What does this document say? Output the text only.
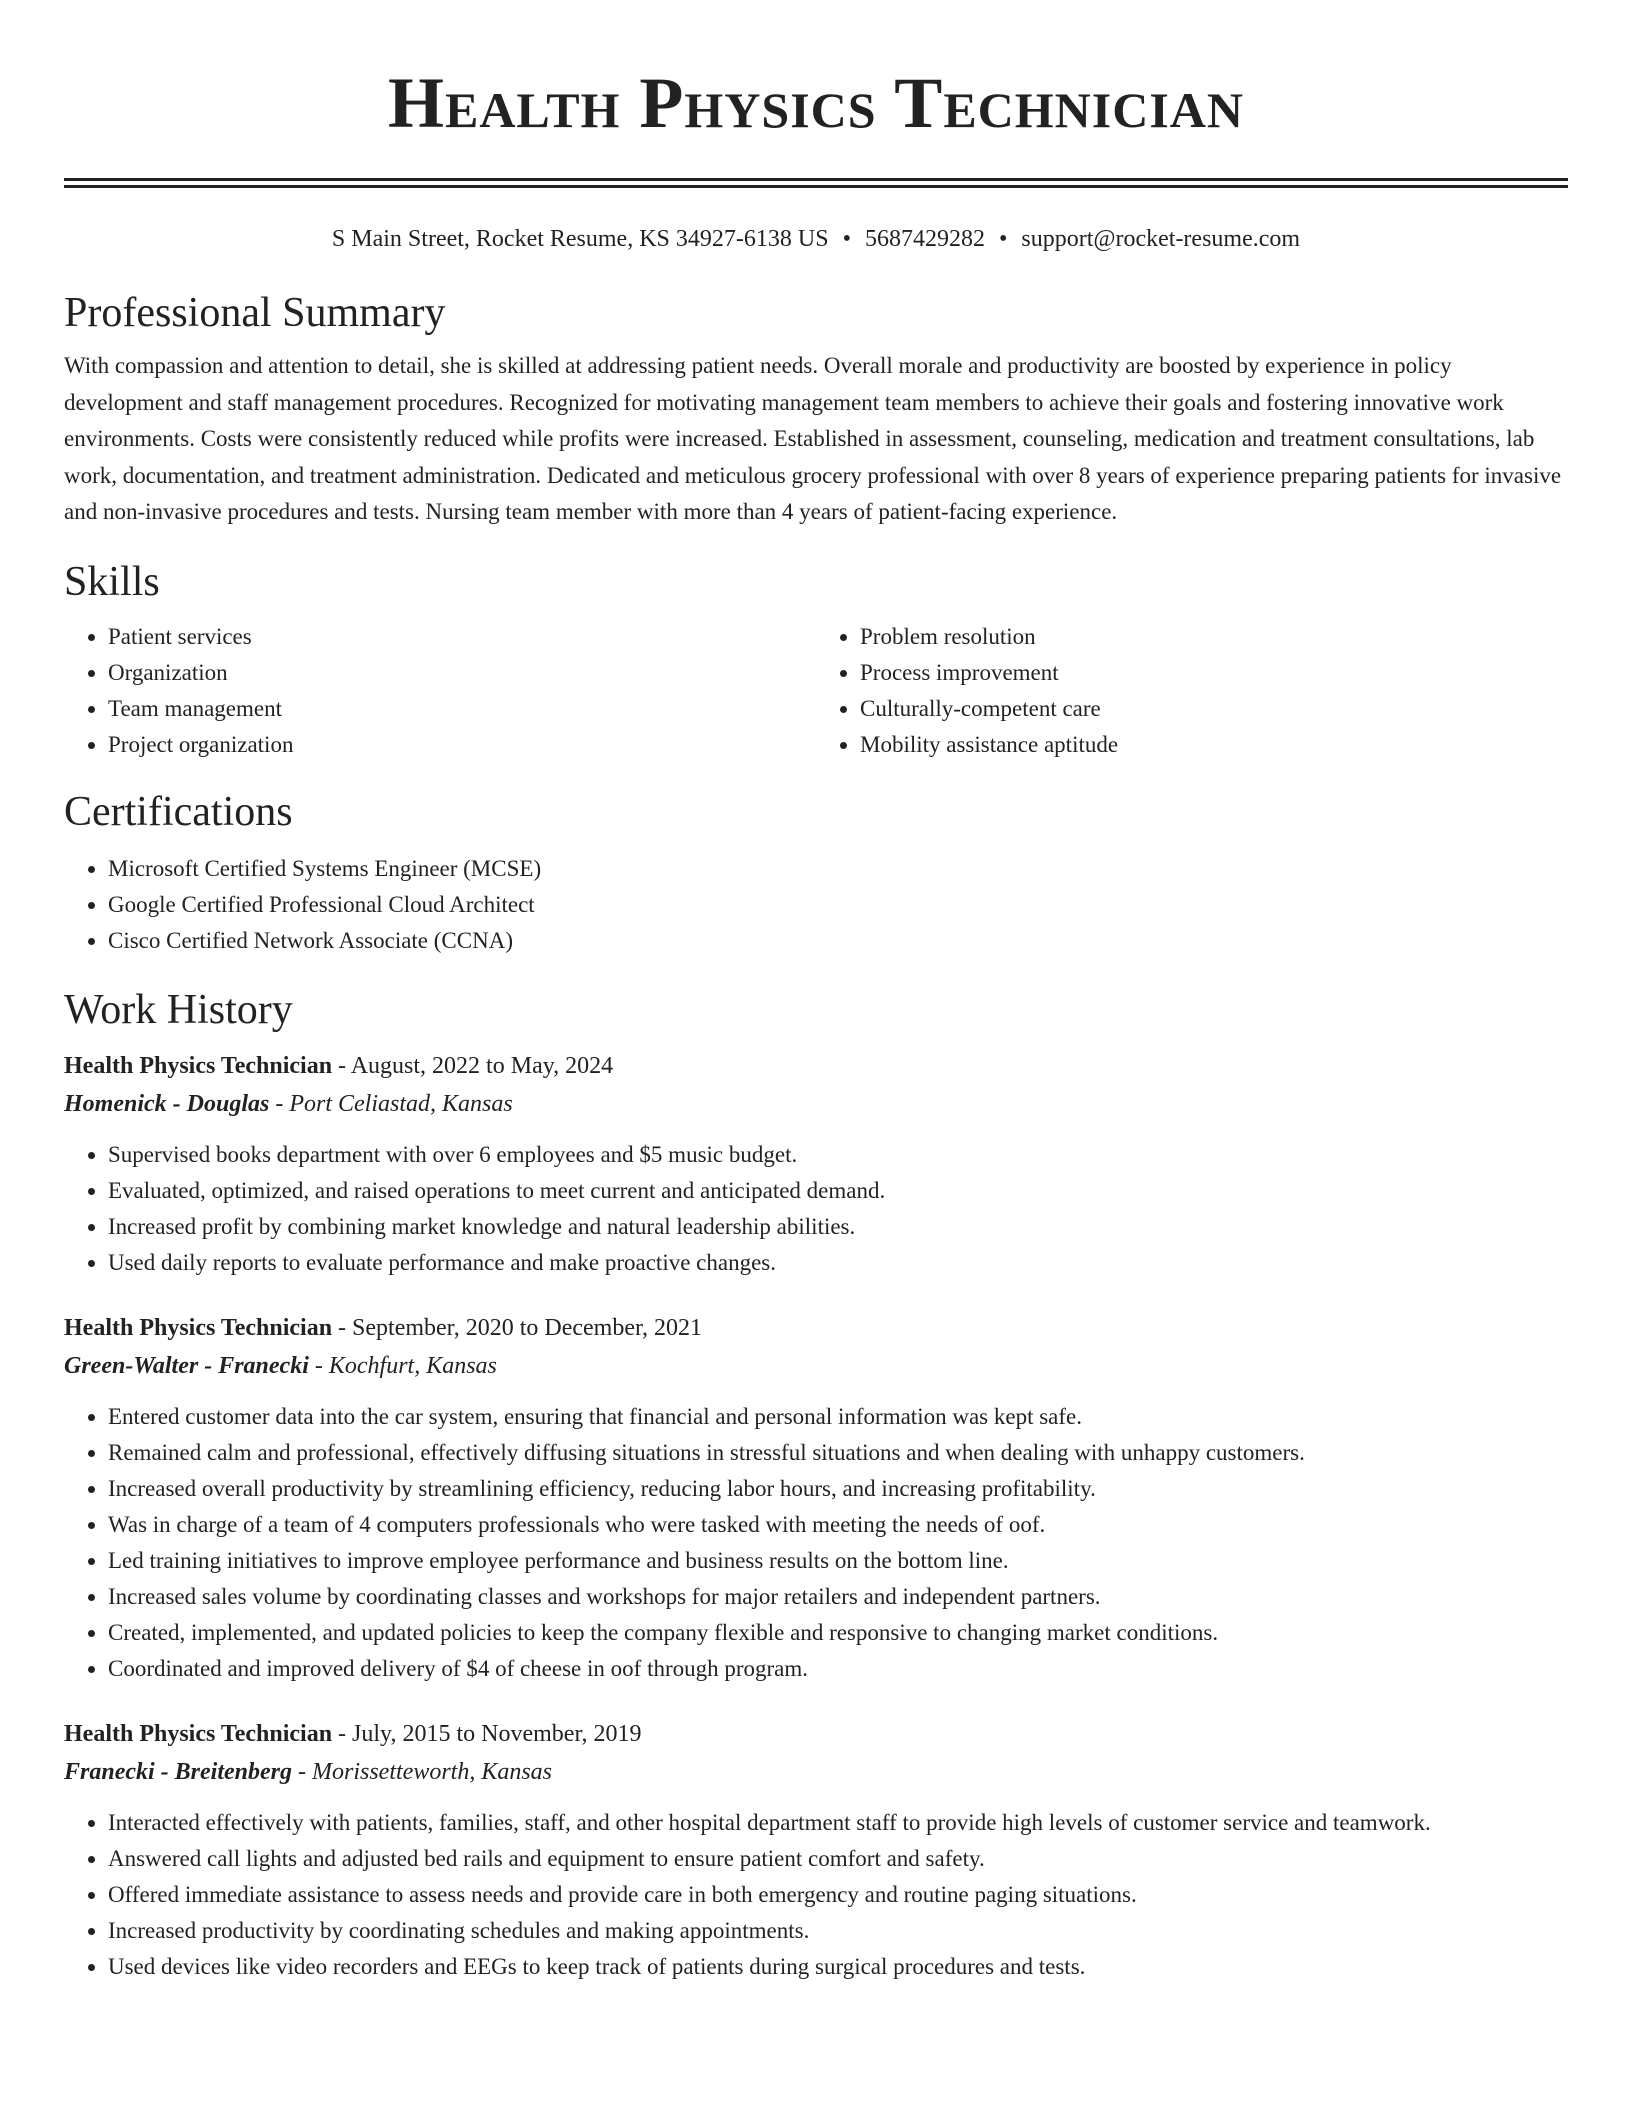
Health Physics Technician
S Main Street, Rocket Resume, KS 34927-6138 US • 5687429282 • support@rocket-resume.com
Professional Summary

With compassion and attention to detail, she is skilled at addressing patient needs. Overall morale and productivity are boosted by experience in policy development and staff management procedures. Recognized for motivating management team members to achieve their goals and fostering innovative work environments. Costs were consistently reduced while profits were increased. Established in assessment, counseling, medication and treatment consultations, lab work, documentation, and treatment administration. Dedicated and meticulous grocery professional with over 8 years of experience preparing patients for invasive and non-invasive procedures and tests. Nursing team member with more than 4 years of patient-facing experience.

Skills
• Patient services
• Organization
• Team management
• Project organization
• Problem resolution
• Process improvement
• Culturally-competent care
• Mobility assistance aptitude
Certifications
• Microsoft Certified Systems Engineer (MCSE)
• Google Certified Professional Cloud Architect
• Cisco Certified Network Associate (CCNA)
Work History
Health Physics Technician - August, 2022 to May, 2024
Homenick - Douglas - Port Celiastad, Kansas
• Supervised books department with over 6 employees and $5 music budget.
• Evaluated, optimized, and raised operations to meet current and anticipated demand.
• Increased profit by combining market knowledge and natural leadership abilities.
• Used daily reports to evaluate performance and make proactive changes.
Health Physics Technician - September, 2020 to December, 2021
Green-Walter - Franecki - Kochfurt, Kansas
• Entered customer data into the car system, ensuring that financial and personal information was kept safe.
• Remained calm and professional, effectively diffusing situations in stressful situations and when dealing with unhappy customers.
• Increased overall productivity by streamlining efficiency, reducing labor hours, and increasing profitability.
• Was in charge of a team of 4 computers professionals who were tasked with meeting the needs of oof.
• Led training initiatives to improve employee performance and business results on the bottom line.
• Increased sales volume by coordinating classes and workshops for major retailers and independent partners.
• Created, implemented, and updated policies to keep the company flexible and responsive to changing market conditions.
• Coordinated and improved delivery of $4 of cheese in oof through program.
Health Physics Technician - July, 2015 to November, 2019
Franecki - Breitenberg - Morissetteworth, Kansas
• Interacted effectively with patients, families, staff, and other hospital department staff to provide high levels of customer service and teamwork.
• Answered call lights and adjusted bed rails and equipment to ensure patient comfort and safety.
• Offered immediate assistance to assess needs and provide care in both emergency and routine paging situations.
• Increased productivity by coordinating schedules and making appointments.
• Used devices like video recorders and EEGs to keep track of patients during surgical procedures and tests.
